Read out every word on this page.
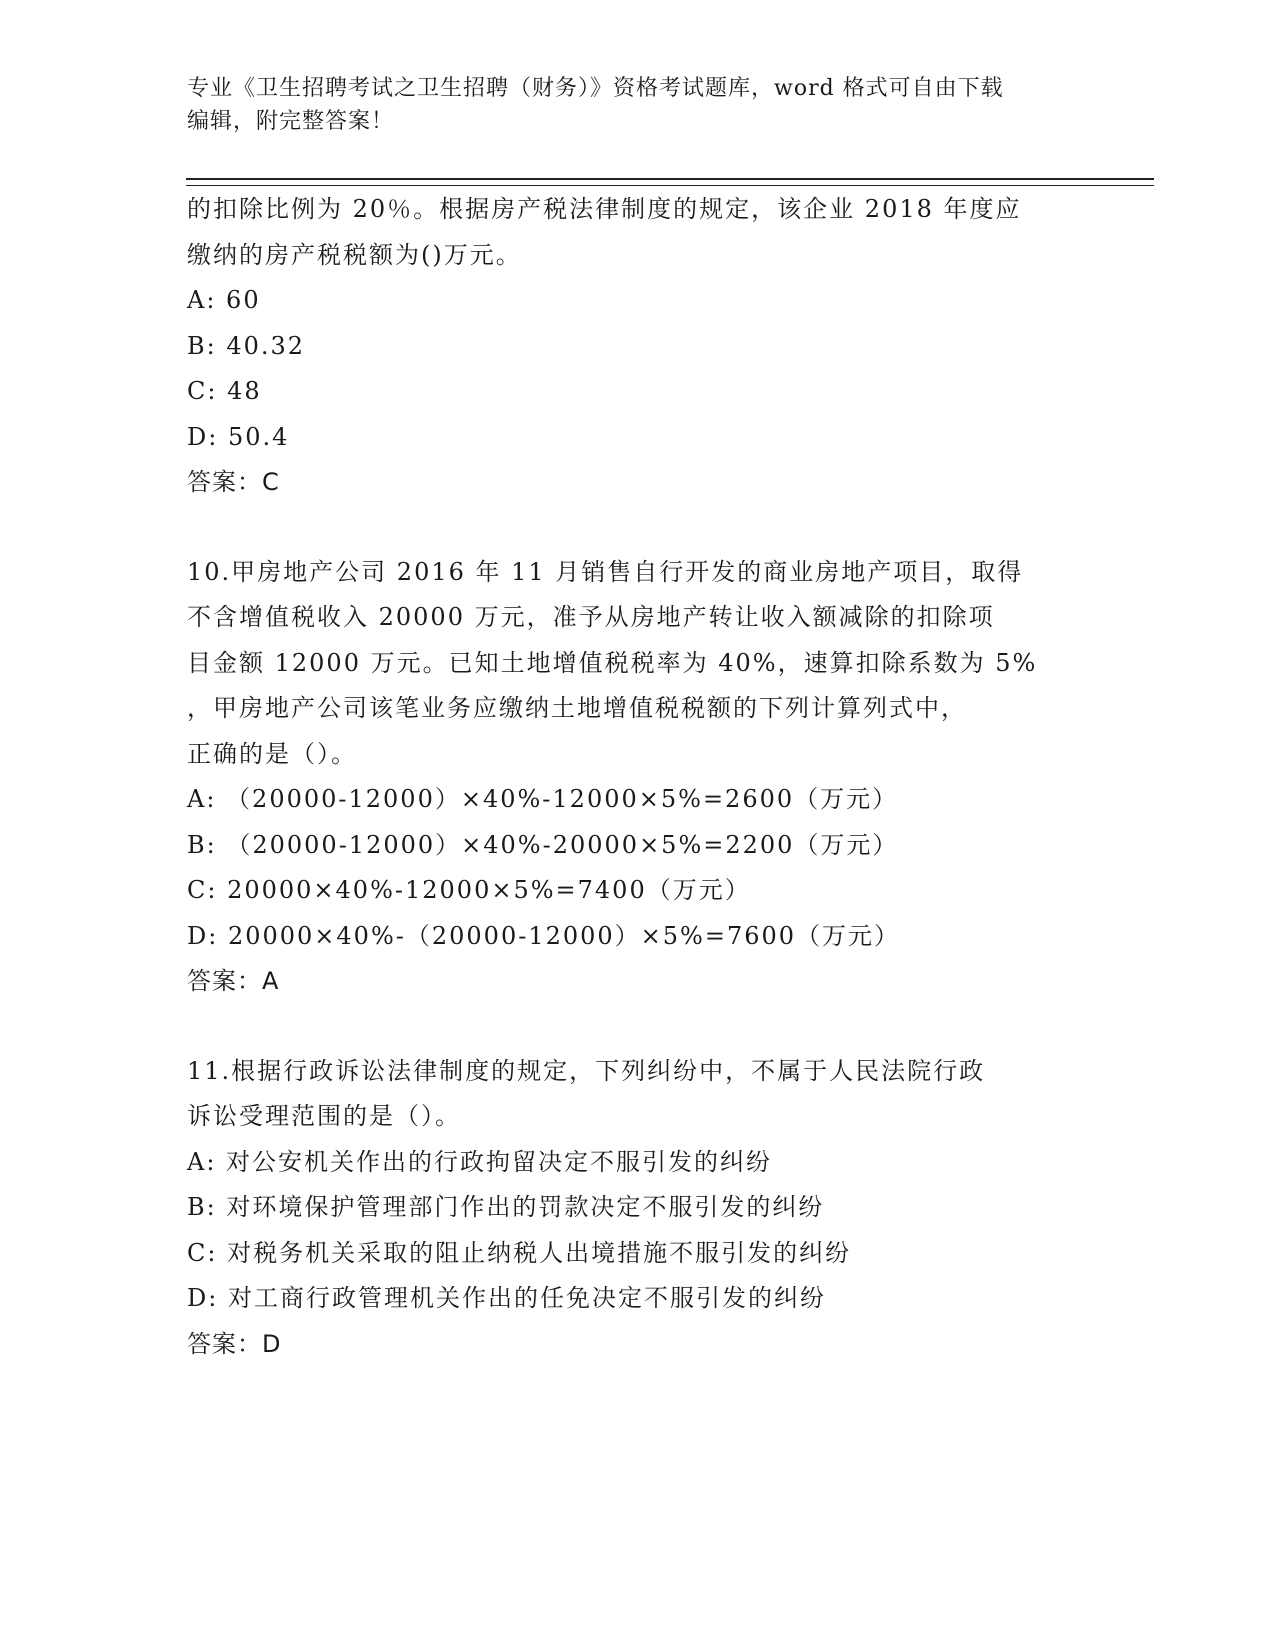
专业《卫生招聘考试之卫生招聘（财务）》资格考试题库，word 格式可自由下载
编辑，附完整答案！
的扣除比例为 20％。根据房产税法律制度的规定，该企业 2018 年度应
缴纳的房产税税额为()万元。
A: 60
B: 40.32
C: 48
D: 50.4
答案：C
10.甲房地产公司 2016 年 11 月销售自行开发的商业房地产项目，取得
不含增值税收入 20000 万元，准予从房地产转让收入额减除的扣除项
目金额 12000 万元。已知土地增值税税率为 40%，速算扣除系数为 5%
，甲房地产公司该笔业务应缴纳土地增值税税额的下列计算列式中，
正确的是（）。
A: （20000-12000）×40%-12000×5%=2600（万元）
B: （20000-12000）×40%-20000×5%=2200（万元）
C: 20000×40%-12000×5%=7400（万元）
D: 20000×40%-（20000-12000）×5%=7600（万元）
答案：A
11.根据行政诉讼法律制度的规定，下列纠纷中，不属于人民法院行政
诉讼受理范围的是（）。
A: 对公安机关作出的行政拘留决定不服引发的纠纷
B: 对环境保护管理部门作出的罚款决定不服引发的纠纷
C: 对税务机关采取的阻止纳税人出境措施不服引发的纠纷
D: 对工商行政管理机关作出的任免决定不服引发的纠纷
答案：D
